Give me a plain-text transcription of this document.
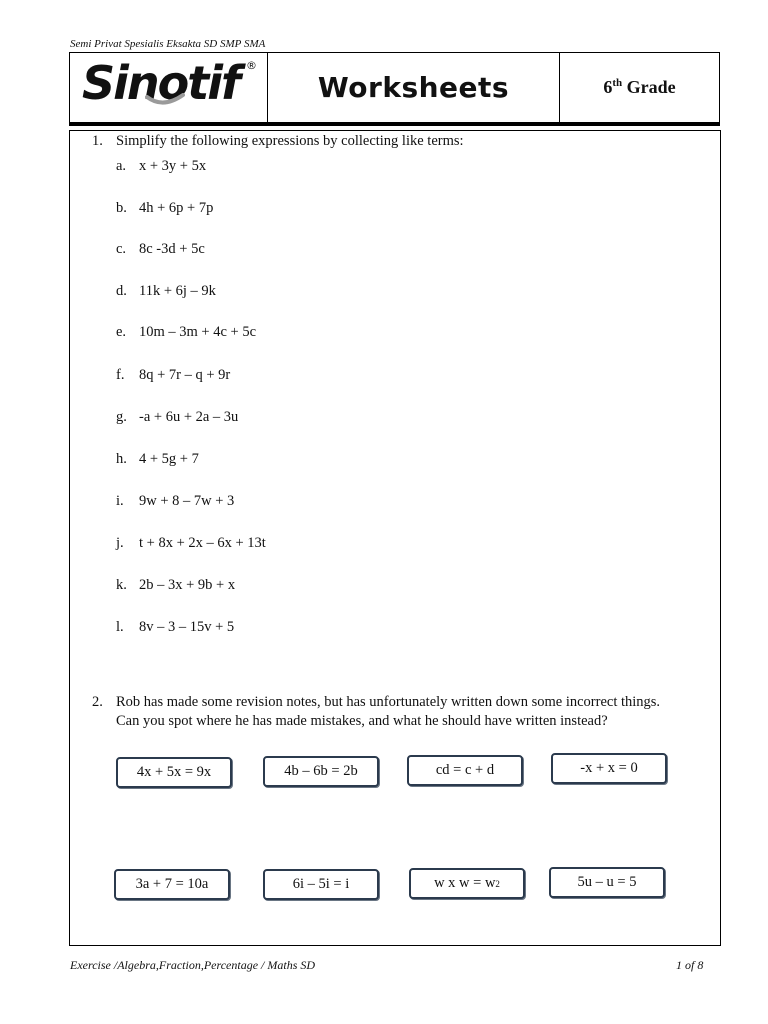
Semi Privat Spesialis Eksakta SD SMP SMA
Sinotif ®
Worksheets	6th Grade
1. Simplify the following expressions by collecting like terms:
a. x + 3y + 5x
b. 4h + 6p + 7p
c. 8c -3d + 5c
d. 11k + 6j – 9k
e. 10m – 3m + 4c + 5c
f. 8q + 7r – q + 9r
g. -a + 6u + 2a – 3u
h. 4 + 5g + 7
i. 9w + 8 – 7w + 3
j. t + 8x + 2x – 6x + 13t
k. 2b – 3x + 9b + x
l. 8v – 3 – 15v + 5
2. Rob has made some revision notes, but has unfortunately written down some incorrect things.
Can you spot where he has made mistakes, and what he should have written instead?
4x + 5x = 9x	4b – 6b = 2b	cd = c + d	-x + x = 0
3a + 7 = 10a	6i – 5i = i	w x w = w 2	5u – u = 5
Exercise /Algebra,Fraction,Percentage / Maths SD	1 of 8
